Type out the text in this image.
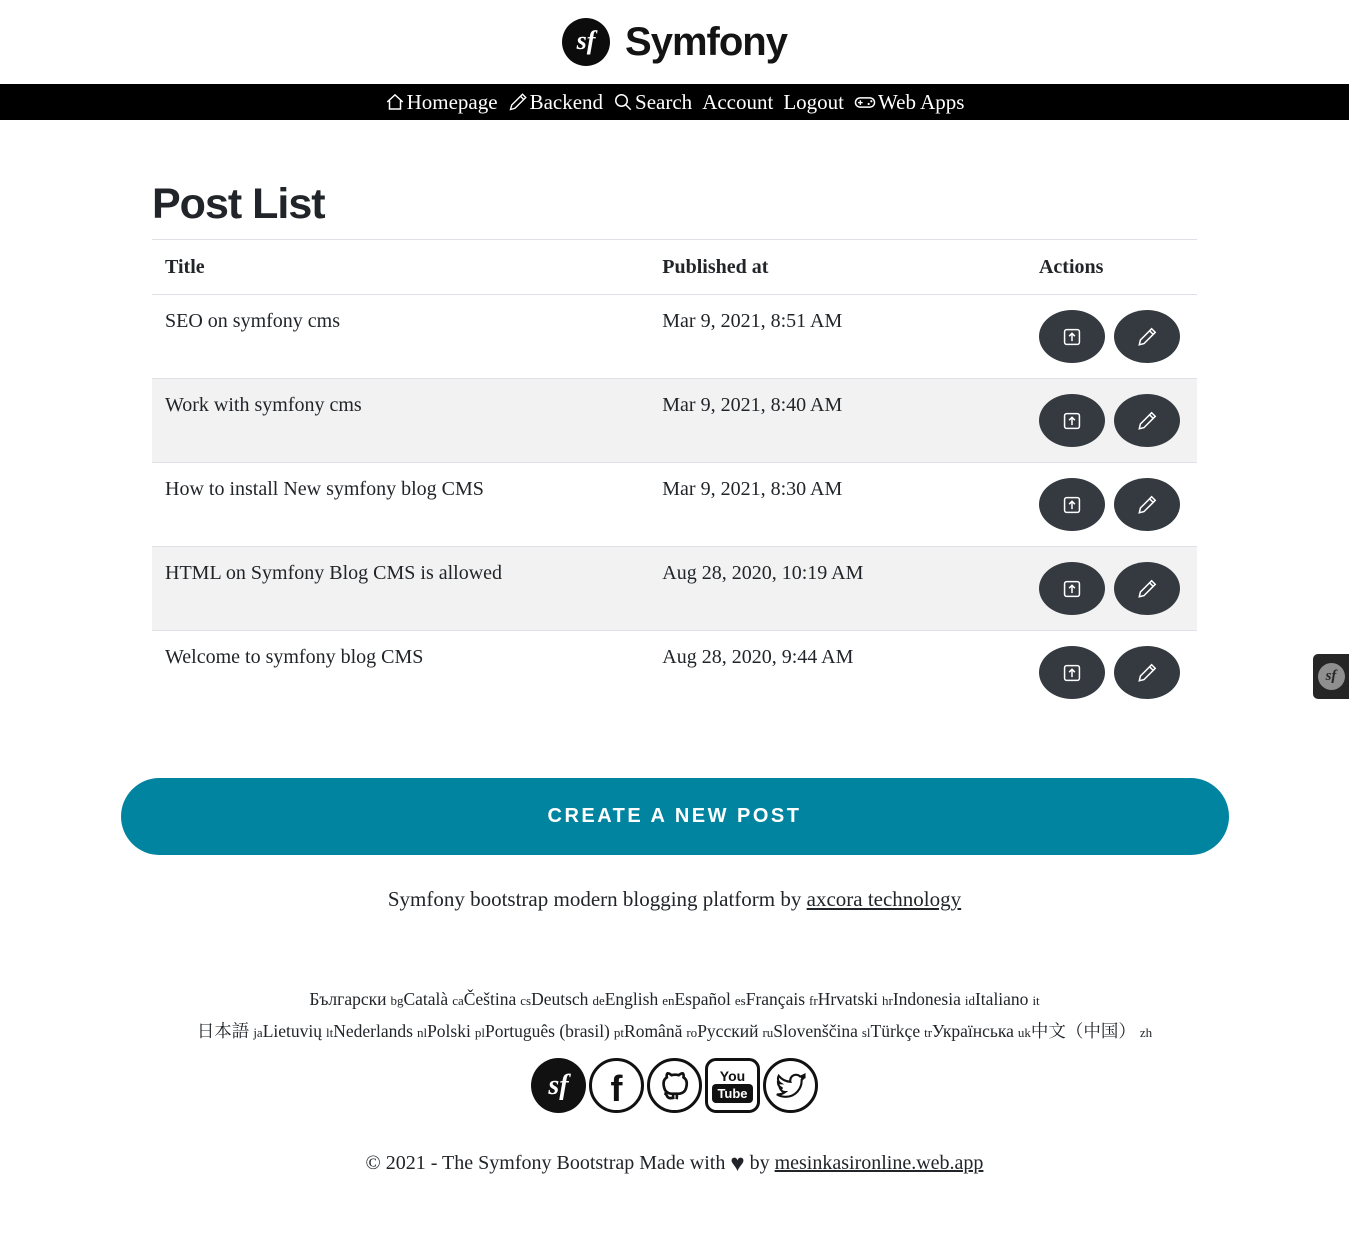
sf Symfony
Homepage Backend Search Account Logout Web Apps
Post List
Title	Published at	Actions
SEO on symfony cms	Mar 9, 2021, 8:51 AM	

Work with symfony cms	Mar 9, 2021, 8:40 AM	

How to install New symfony blog CMS	Mar 9, 2021, 8:30 AM	

HTML on Symfony Blog CMS is allowed	Aug 28, 2020, 10:19 AM	

Welcome to symfony blog CMS	Aug 28, 2020, 9:44 AM	

CREATE A NEW POST

Symfony bootstrap modern blogging platform by axcora technology

Български bgCatalà caČeština csDeutsch deEnglish enEspañol esFrançais frHrvatski hrIndonesia idItaliano it日本語 jaLietuvių ltNederlands nlPolski plPortuguês (brasil) ptRomână roРусский ruSlovenščina slTürkçe trУкраїнська uk中文（中国） zh
sf f	You
Tube

© 2021 - The Symfony Bootstrap Made with ♥ by mesinkasironline.web.app

sf
